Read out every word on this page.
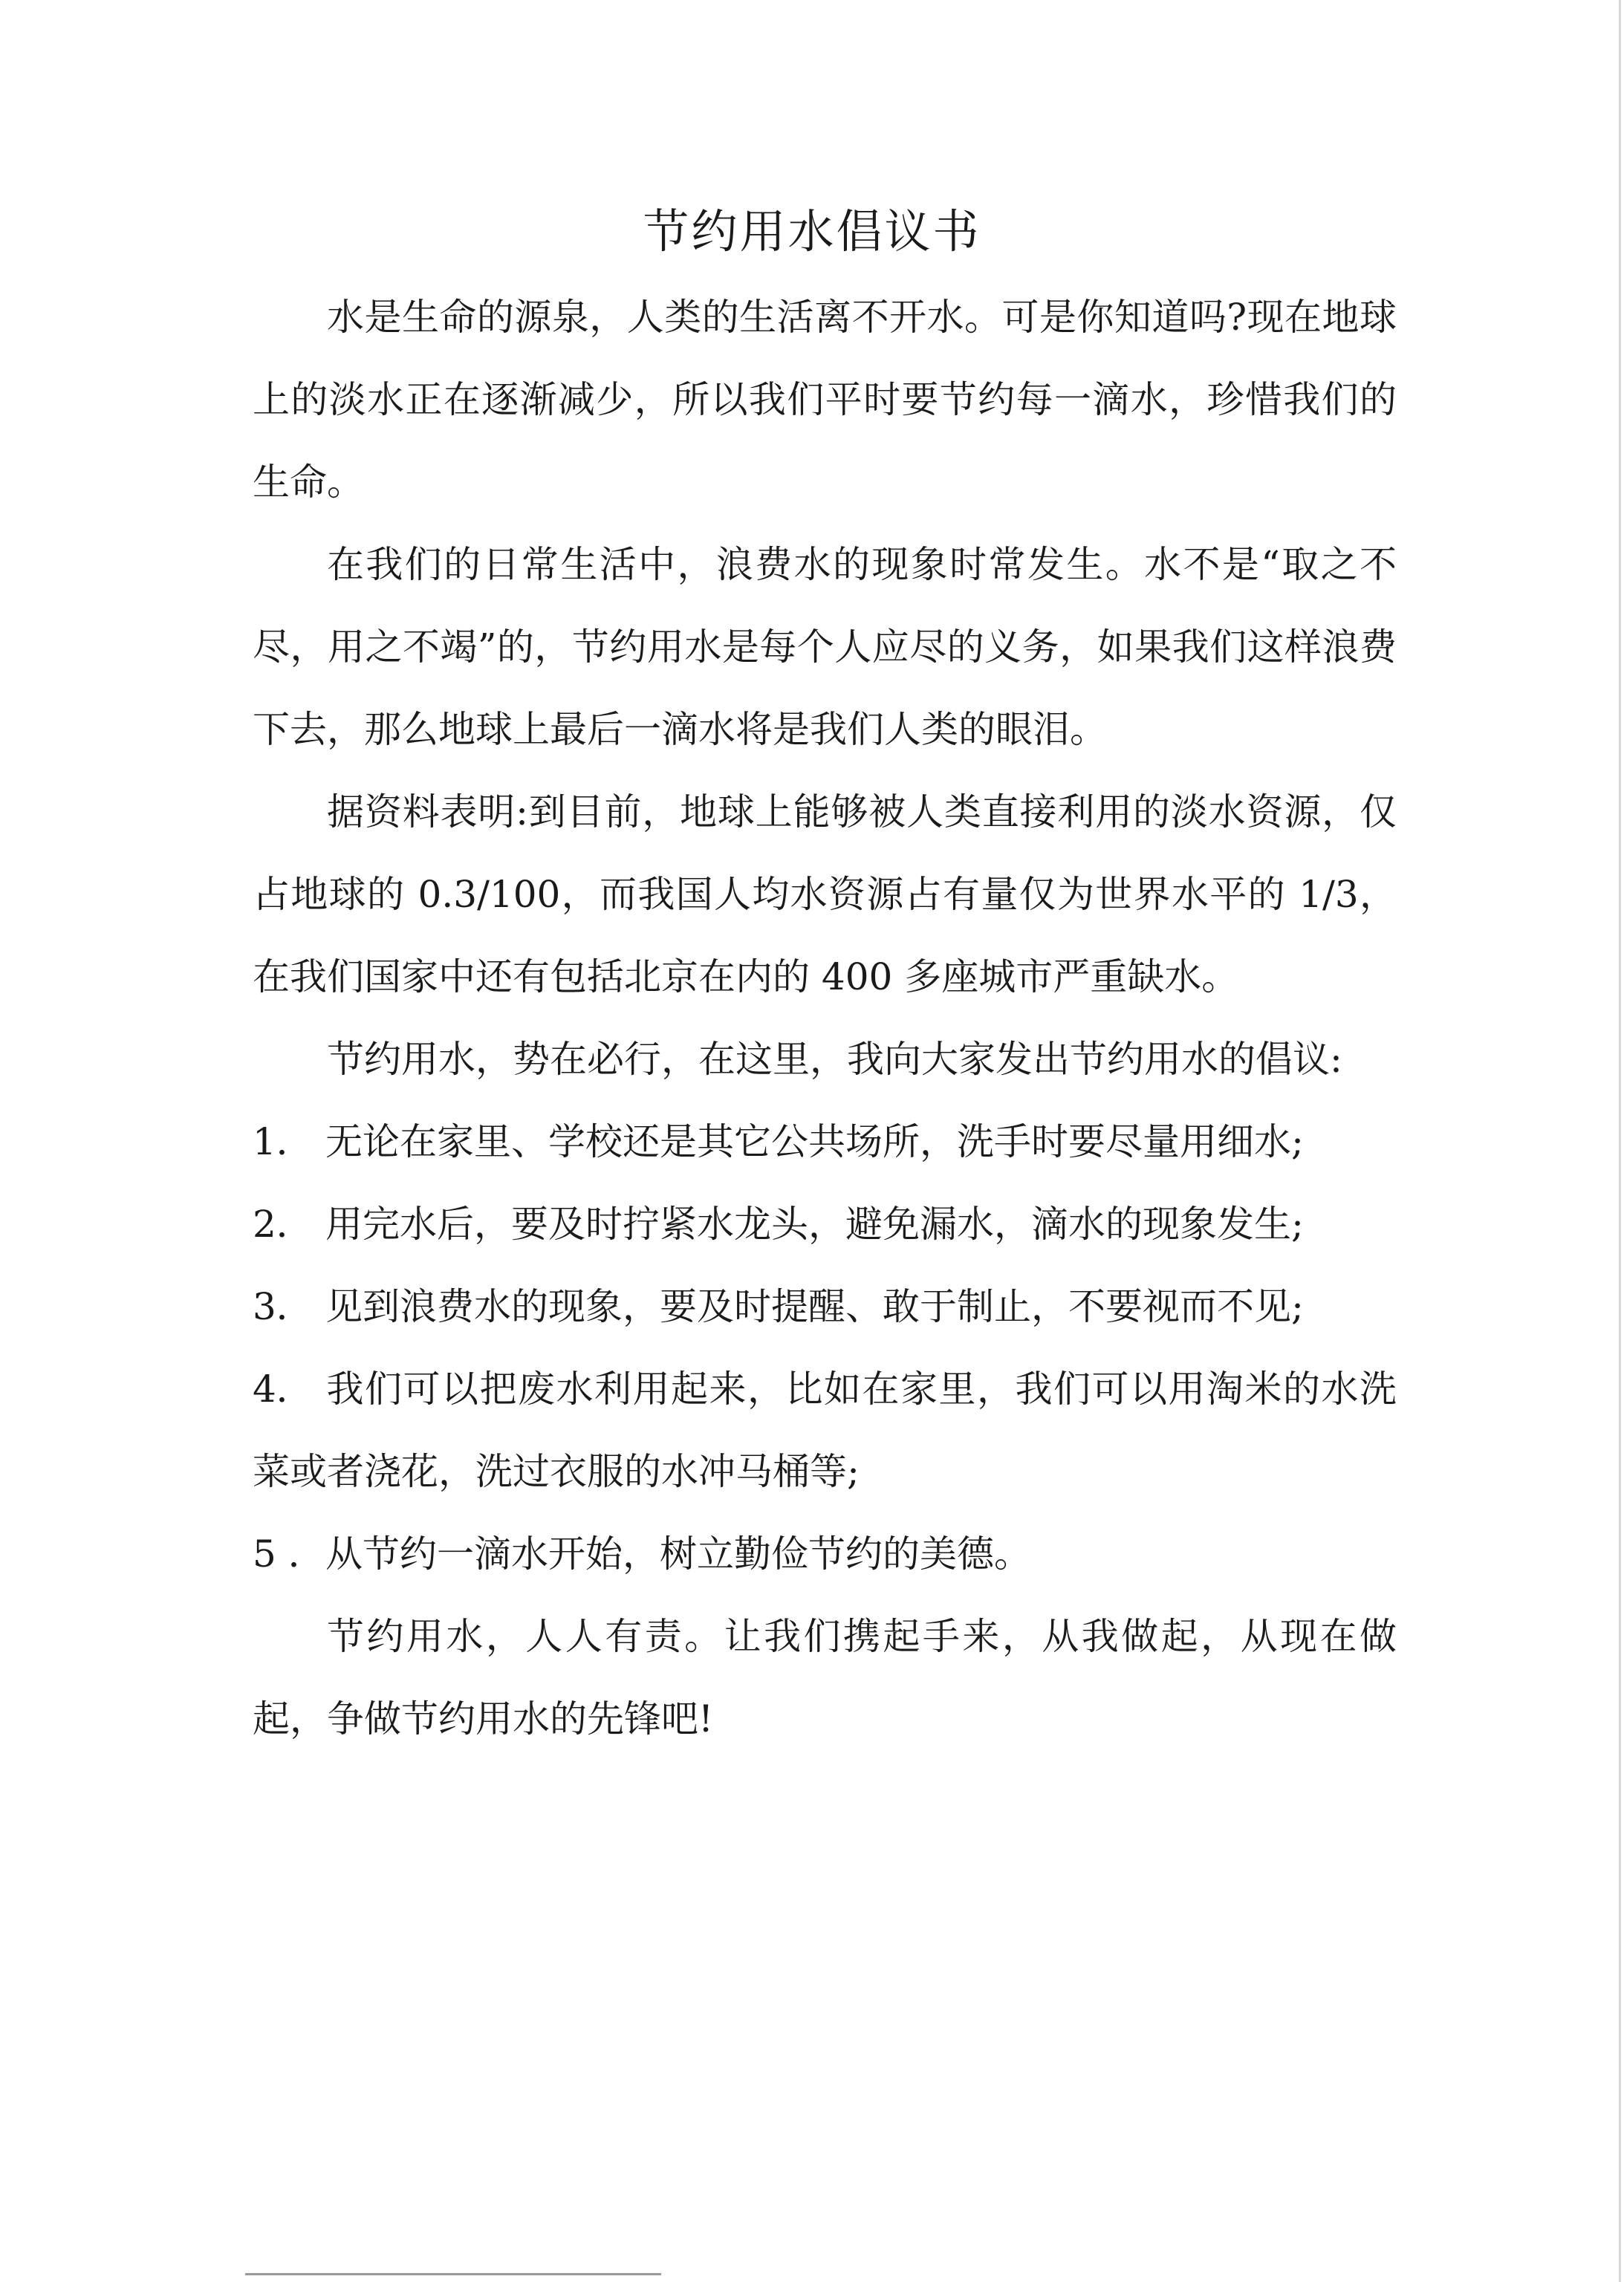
节约用水倡议书

水是生命的源泉，人类的生活离不开水。可是你知道吗?现在地球上的淡水正在逐渐减少，所以我们平时要节约每一滴水，珍惜我们的生命。

在我们的日常生活中，浪费水的现象时常发生。水不是“取之不尽，用之不竭”的，节约用水是每个人应尽的义务，如果我们这样浪费下去，那么地球上最后一滴水将是我们人类的眼泪。

据资料表明:到目前，地球上能够被人类直接利用的淡水资源，仅占地球的 0.3/100，而我国人均水资源占有量仅为世界水平的 1/3，在我们国家中还有包括北京在内的 400 多座城市严重缺水。

节约用水，势在必行，在这里，我向大家发出节约用水的倡议:

1． 无论在家里、学校还是其它公共场所，洗手时要尽量用细水;

2． 用完水后，要及时拧紧水龙头，避免漏水，滴水的现象发生;

3． 见到浪费水的现象，要及时提醒、敢于制止，不要视而不见;

4． 我们可以把废水利用起来，比如在家里，我们可以用淘米的水洗菜或者浇花，洗过衣服的水冲马桶等;

5 ．从节约一滴水开始，树立勤俭节约的美德。

节约用水，人人有责。让我们携起手来，从我做起，从现在做起，争做节约用水的先锋吧!
